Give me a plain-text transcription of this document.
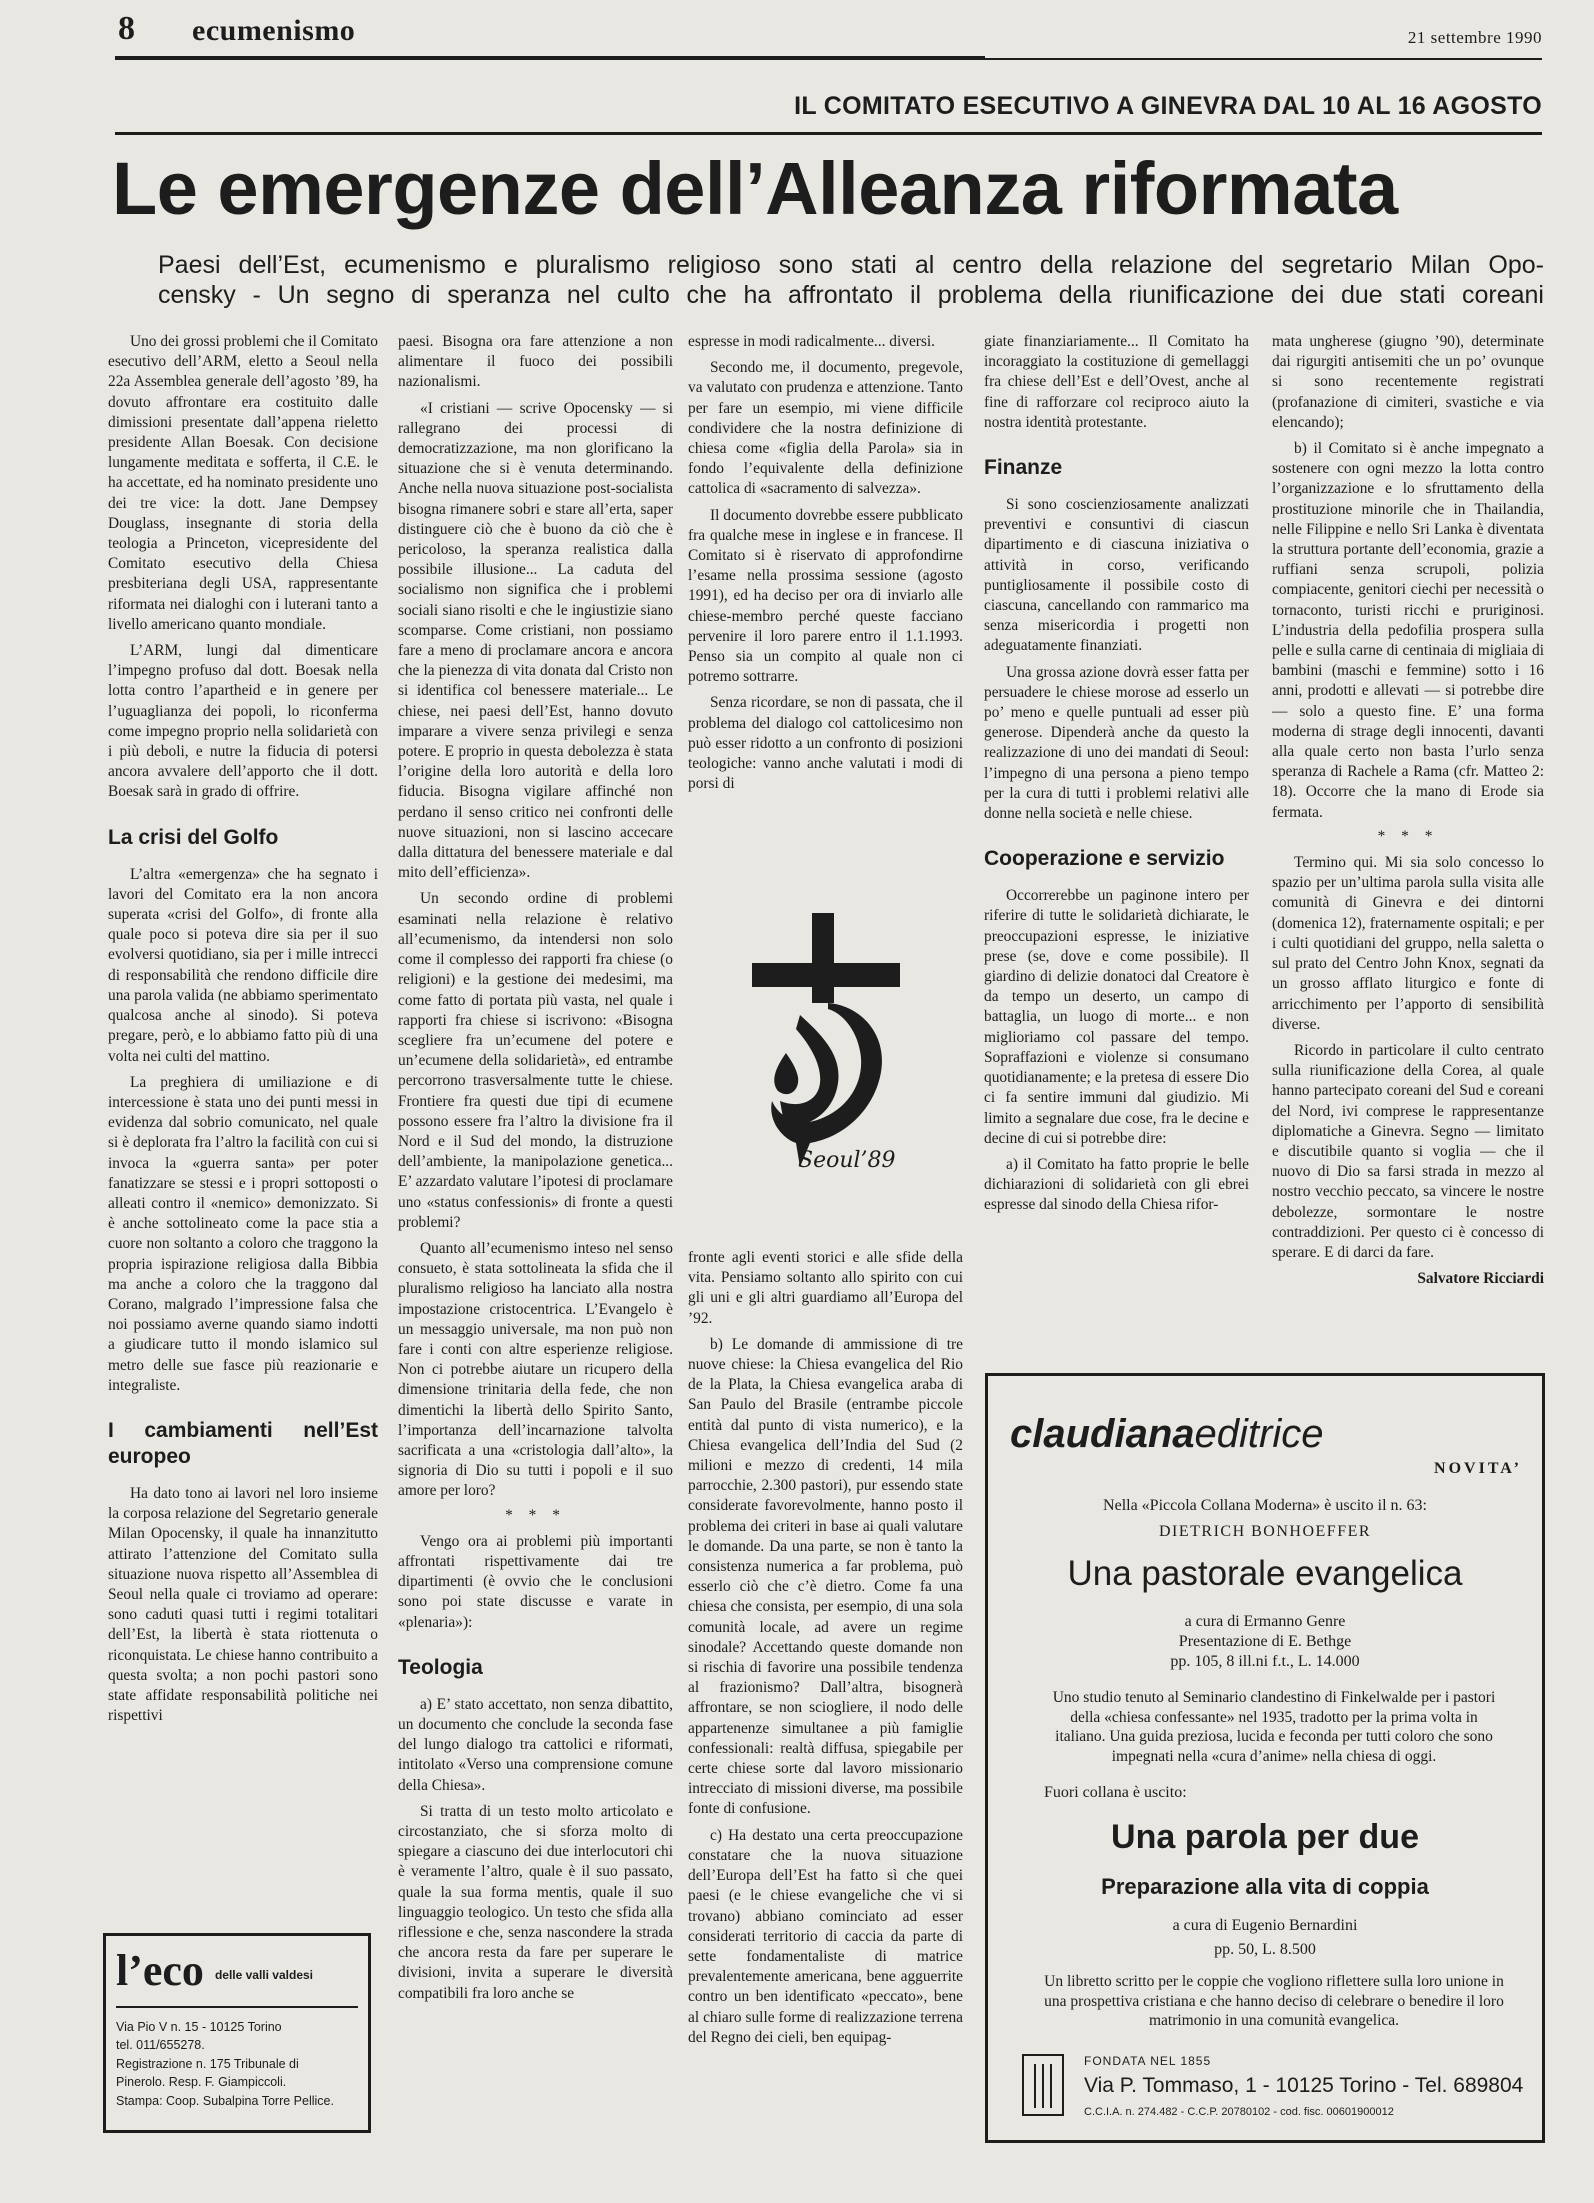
8 ecumenismo	21 settembre 1990
IL COMITATO ESECUTIVO A GINEVRA DAL 10 AL 16 AGOSTO
Le emergenze dell’Alleanza riformata
Paesi dell’Est, ecumenismo e pluralismo religioso sono stati al centro della relazione del segretario Milan Opo-
censky - Un segno di speranza nel culto che ha affrontato il problema della riunificazione dei due stati coreani

Uno dei grossi problemi che il Comitato esecutivo dell’ARM, eletto a Seoul nella 22a Assemblea generale dell’agosto ’89, ha dovuto affrontare era costituito dalle dimissioni presentate dall’appena rieletto presidente Allan Boesak. Con decisione lungamente meditata e sofferta, il C.E. le ha accettate, ed ha nominato presidente uno dei tre vice: la dott. Jane Dempsey Douglass, insegnante di storia della teologia a Princeton, vicepresidente del Comitato esecutivo della Chiesa presbiteriana degli USA, rappresentante riformata nei dialoghi con i luterani tanto a livello americano quanto mondiale.

L’ARM, lungi dal dimenticare l’impegno profuso dal dott. Boesak nella lotta contro l’apartheid e in genere per l’uguaglianza dei popoli, lo riconferma come impegno proprio nella solidarietà con i più deboli, e nutre la fiducia di potersi ancora avvalere dell’apporto che il dott. Boesak sarà in grado di offrire.

La crisi del Golfo

L’altra «emergenza» che ha segnato i lavori del Comitato era la non ancora superata «crisi del Golfo», di fronte alla quale poco si poteva dire sia per il suo evolversi quotidiano, sia per i mille intrecci di responsabilità che rendono difficile dire una parola valida (ne abbiamo sperimentato qualcosa anche al sinodo). Si poteva pregare, però, e lo abbiamo fatto più di una volta nei culti del mattino.

La preghiera di umiliazione e di intercessione è stata uno dei punti messi in evidenza dal sobrio comunicato, nel quale si è deplorata fra l’altro la facilità con cui si invoca la «guerra santa» per poter fanatizzare se stessi e i propri sottoposti o alleati contro il «nemico» demonizzato. Si è anche sottolineato come la pace stia a cuore non soltanto a coloro che traggono la propria ispirazione religiosa dalla Bibbia ma anche a coloro che la traggono dal Corano, malgrado l’impressione falsa che noi possiamo averne quando siamo indotti a giudicare tutto il mondo islamico sul metro delle sue fasce più reazionarie e integraliste.

I cambiamenti nell’Est europeo

Ha dato tono ai lavori nel loro insieme la corposa relazione del Segretario generale Milan Opocensky, il quale ha innanzitutto attirato l’attenzione del Comitato sulla situazione nuova rispetto all’Assemblea di Seoul nella quale ci troviamo ad operare: sono caduti quasi tutti i regimi totalitari dell’Est, la libertà è stata riottenuta o riconquistata. Le chiese hanno contribuito a questa svolta; a non pochi pastori sono state affidate responsabilità politiche nei rispettivi

paesi. Bisogna ora fare attenzione a non alimentare il fuoco dei possibili nazionalismi.

«I cristiani — scrive Opocensky — si rallegrano dei processi di democratizzazione, ma non glorificano la situazione che si è venuta determinando. Anche nella nuova situazione post-socialista bisogna rimanere sobri e stare all’erta, saper distinguere ciò che è buono da ciò che è pericoloso, la speranza realistica dalla possibile illusione... La caduta del socialismo non significa che i problemi sociali siano risolti e che le ingiustizie siano scomparse. Come cristiani, non possiamo fare a meno di proclamare ancora e ancora che la pienezza di vita donata dal Cristo non si identifica col benessere materiale... Le chiese, nei paesi dell’Est, hanno dovuto imparare a vivere senza privilegi e senza potere. E proprio in questa debolezza è stata l’origine della loro autorità e della loro fiducia. Bisogna vigilare affinché non perdano il senso critico nei confronti delle nuove situazioni, non si lascino accecare dalla dittatura del benessere materiale e dal mito dell’efficienza».

Un secondo ordine di problemi esaminati nella relazione è relativo all’ecumenismo, da intendersi non solo come il complesso dei rapporti fra chiese (o religioni) e la gestione dei medesimi, ma come fatto di portata più vasta, nel quale i rapporti fra chiese si iscrivono: «Bisogna scegliere fra un’ecumene del potere e un’ecumene della solidarietà», ed entrambe percorrono trasversalmente tutte le chiese. Frontiere fra questi due tipi di ecumene possono essere fra l’altro la divisione fra il Nord e il Sud del mondo, la distruzione dell’ambiente, la manipolazione genetica... E’ azzardato valutare l’ipotesi di proclamare uno «status confessionis» di fronte a questi problemi?

Quanto all’ecumenismo inteso nel senso consueto, è stata sottolineata la sfida che il pluralismo religioso ha lanciato alla nostra impostazione cristocentrica. L’Evangelo è un messaggio universale, ma non può non fare i conti con altre esperienze religiose. Non ci potrebbe aiutare un ricupero della dimensione trinitaria della fede, che non dimentichi la libertà dello Spirito Santo, l’importanza dell’incarnazione talvolta sacrificata a una «cristologia dall’alto», la signoria di Dio su tutti i popoli e il suo amore per loro?

* * *

Vengo ora ai problemi più importanti affrontati rispettivamente dai tre dipartimenti (è ovvio che le conclusioni sono poi state discusse e varate in «plenaria»):

Teologia

a) E’ stato accettato, non senza dibattito, un documento che conclude la seconda fase del lungo dialogo tra cattolici e riformati, intitolato «Verso una comprensione comune della Chiesa».

Si tratta di un testo molto articolato e circostanziato, che si sforza molto di spiegare a ciascuno dei due interlocutori chi è veramente l’altro, quale è il suo passato, quale la sua forma mentis, quale il suo linguaggio teologico. Un testo che sfida alla riflessione e che, senza nascondere la strada che ancora resta da fare per superare le divisioni, invita a superare le diversità compatibili fra loro anche se

espresse in modi radicalmente... diversi.

Secondo me, il documento, pregevole, va valutato con prudenza e attenzione. Tanto per fare un esempio, mi viene difficile condividere che la nostra definizione di chiesa come «figlia della Parola» sia in fondo l’equivalente della definizione cattolica di «sacramento di salvezza».

Il documento dovrebbe essere pubblicato fra qualche mese in inglese e in francese. Il Comitato si è riservato di approfondirne l’esame nella prossima sessione (agosto 1991), ed ha deciso per ora di inviarlo alle chiese-membro perché queste facciano pervenire il loro parere entro il 1.1.1993. Penso sia un compito al quale non ci potremo sottrarre.

Senza ricordare, se non di passata, che il problema del dialogo col cattolicesimo non può esser ridotto a un confronto di posizioni teologiche: vanno anche valutati i modi di porsi di

Seoul’89

fronte agli eventi storici e alle sfide della vita. Pensiamo soltanto allo spirito con cui gli uni e gli altri guardiamo all’Europa del ’92.

b) Le domande di ammissione di tre nuove chiese: la Chiesa evangelica del Rio de la Plata, la Chiesa evangelica araba di San Paulo del Brasile (entrambe piccole entità dal punto di vista numerico), e la Chiesa evangelica dell’India del Sud (2 milioni e mezzo di credenti, 14 mila parrocchie, 2.300 pastori), pur essendo state considerate favorevolmente, hanno posto il problema dei criteri in base ai quali valutare le domande. Da una parte, se non è tanto la consistenza numerica a far problema, può esserlo ciò che c’è dietro. Come fa una chiesa che consista, per esempio, di una sola comunità locale, ad avere un regime sinodale? Accettando queste domande non si rischia di favorire una possibile tendenza al frazionismo? Dall’altra, bisognerà affrontare, se non sciogliere, il nodo delle appartenenze simultanee a più famiglie confessionali: realtà diffusa, spiegabile per certe chiese sorte dal lavoro missionario intrecciato di missioni diverse, ma possibile fonte di confusione.

c) Ha destato una certa preoccupazione constatare che la nuova situazione dell’Europa dell’Est ha fatto sì che quei paesi (e le chiese evangeliche che vi si trovano) abbiano cominciato ad esser considerati territorio di caccia da parte di sette fondamentaliste di matrice prevalentemente americana, bene agguerrite contro un ben identificato «peccato», bene al chiaro sulle forme di realizzazione terrena del Regno dei cieli, ben equipag-

giate finanziariamente... Il Comitato ha incoraggiato la costituzione di gemellaggi fra chiese dell’Est e dell’Ovest, anche al fine di rafforzare col reciproco aiuto la nostra identità protestante.

Finanze

Si sono coscienziosamente analizzati preventivi e consuntivi di ciascun dipartimento e di ciascuna iniziativa o attività in corso, verificando puntigliosamente il possibile costo di ciascuna, cancellando con rammarico ma senza misericordia i progetti non adeguatamente finanziati.

Una grossa azione dovrà esser fatta per persuadere le chiese morose ad esserlo un po’ meno e quelle puntuali ad esser più generose. Dipenderà anche da questo la realizzazione di uno dei mandati di Seoul: l’impegno di una persona a pieno tempo per la cura di tutti i problemi relativi alle donne nella società e nelle chiese.

Cooperazione e servizio

Occorrerebbe un paginone intero per riferire di tutte le solidarietà dichiarate, le preoccupazioni espresse, le iniziative prese (se, dove e come possibile). Il giardino di delizie donatoci dal Creatore è da tempo un deserto, un campo di battaglia, un luogo di morte... e non miglioriamo col passare del tempo. Sopraffazioni e violenze si consumano quotidianamente; e la pretesa di essere Dio ci fa sentire immuni dal giudizio. Mi limito a segnalare due cose, fra le decine e decine di cui si potrebbe dire:

a) il Comitato ha fatto proprie le belle dichiarazioni di solidarietà con gli ebrei espresse dal sinodo della Chiesa rifor-

mata ungherese (giugno ’90), determinate dai rigurgiti antisemiti che un po’ ovunque si sono recentemente registrati (profanazione di cimiteri, svastiche e via elencando);

b) il Comitato si è anche impegnato a sostenere con ogni mezzo la lotta contro l’organizzazione e lo sfruttamento della prostituzione minorile che in Thailandia, nelle Filippine e nello Sri Lanka è diventata la struttura portante dell’economia, grazie a ruffiani senza scrupoli, polizia compiacente, genitori ciechi per necessità o tornaconto, turisti ricchi e pruriginosi. L’industria della pedofilia prospera sulla pelle e sulla carne di centinaia di migliaia di bambini (maschi e femmine) sotto i 16 anni, prodotti e allevati — si potrebbe dire — solo a questo fine. E’ una forma moderna di strage degli innocenti, davanti alla quale certo non basta l’urlo senza speranza di Rachele a Rama (cfr. Matteo 2: 18). Occorre che la mano di Erode sia fermata.

* * *

Termino qui. Mi sia solo concesso lo spazio per un’ultima parola sulla visita alle comunità di Ginevra e dei dintorni (domenica 12), fraternamente ospitali; e per i culti quotidiani del gruppo, nella saletta o sul prato del Centro John Knox, segnati da un grosso afflato liturgico e fonte di arricchimento per l’apporto di sensibilità diverse.

Ricordo in particolare il culto centrato sulla riunificazione della Corea, al quale hanno partecipato coreani del Sud e coreani del Nord, ivi comprese le rappresentanze diplomatiche a Ginevra. Segno — limitato e discutibile quanto si voglia — che il nuovo di Dio sa farsi strada in mezzo al nostro vecchio peccato, sa vincere le nostre debolezze, sormontare le nostre contraddizioni. Per questo ci è concesso di sperare. E di darci da fare.

Salvatore Ricciardi

l’eco delle valli valdesi
Via Pio V n. 15 - 10125 Torino
tel. 011/655278.
Registrazione n. 175 Tribunale di
Pinerolo. Resp. F. Giampiccoli.
Stampa: Coop. Subalpina Torre Pellice.
claudianaeditrice
NOVITA’
Nella «Piccola Collana Moderna» è uscito il n. 63:
DIETRICH BONHOEFFER
Una pastorale evangelica
a cura di Ermanno Genre
Presentazione di E. Bethge
pp. 105, 8 ill.ni f.t., L. 14.000
Uno studio tenuto al Seminario clandestino di Finkelwalde per i pastori della «chiesa confessante» nel 1935, tradotto per la prima volta in italiano. Una guida preziosa, lucida e feconda per tutti coloro che sono impegnati nella «cura d’anime» nella chiesa di oggi.
Fuori collana è uscito:
Una parola per due
Preparazione alla vita di coppia
a cura di Eugenio Bernardini
pp. 50, L. 8.500
Un libretto scritto per le coppie che vogliono riflettere sulla loro unione in una prospettiva cristiana e che hanno deciso di celebrare o benedire il loro matrimonio in una comunità evangelica.
FONDATA NEL 1855
Via P. Tommaso, 1 - 10125 Torino - Tel. 689804
C.C.I.A. n. 274.482 - C.C.P. 20780102 - cod. fisc. 00601900012
